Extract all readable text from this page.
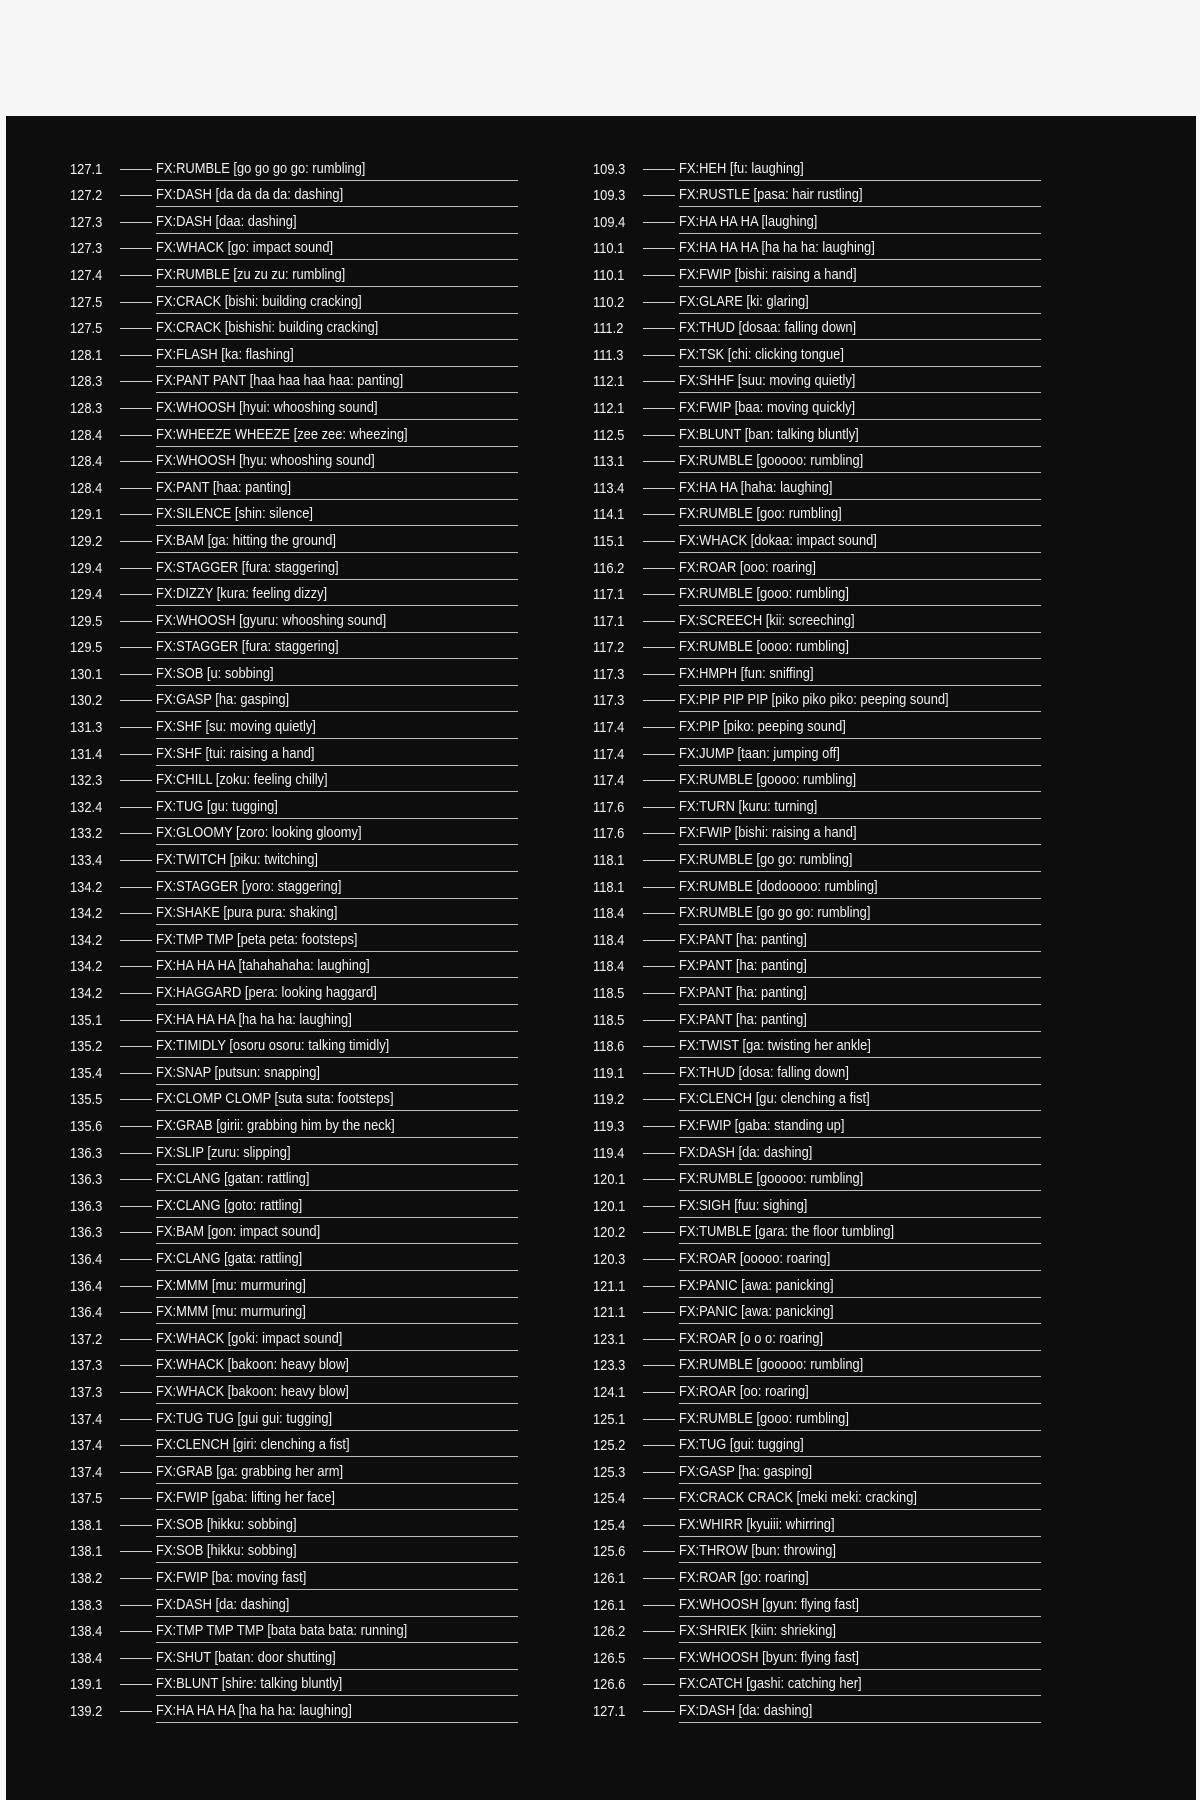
127.1	FX:RUMBLE [go go go go: rumbling]
127.2	FX:DASH [da da da da: dashing]
127.3	FX:DASH [daa: dashing]
127.3	FX:WHACK [go: impact sound]
127.4	FX:RUMBLE [zu zu zu: rumbling]
127.5	FX:CRACK [bishi: building cracking]
127.5	FX:CRACK [bishishi: building cracking]
128.1	FX:FLASH [ka: flashing]
128.3	FX:PANT PANT [haa haa haa haa: panting]
128.3	FX:WHOOSH [hyui: whooshing sound]
128.4	FX:WHEEZE WHEEZE [zee zee: wheezing]
128.4	FX:WHOOSH [hyu: whooshing sound]
128.4	FX:PANT [haa: panting]
129.1	FX:SILENCE [shin: silence]
129.2	FX:BAM [ga: hitting the ground]
129.4	FX:STAGGER [fura: staggering]
129.4	FX:DIZZY [kura: feeling dizzy]
129.5	FX:WHOOSH [gyuru: whooshing sound]
129.5	FX:STAGGER [fura: staggering]
130.1	FX:SOB [u: sobbing]
130.2	FX:GASP [ha: gasping]
131.3	FX:SHF [su: moving quietly]
131.4	FX:SHF [tui: raising a hand]
132.3	FX:CHILL [zoku: feeling chilly]
132.4	FX:TUG [gu: tugging]
133.2	FX:GLOOMY [zoro: looking gloomy]
133.4	FX:TWITCH [piku: twitching]
134.2	FX:STAGGER [yoro: staggering]
134.2	FX:SHAKE [pura pura: shaking]
134.2	FX:TMP TMP [peta peta: footsteps]
134.2	FX:HA HA HA [tahahahaha: laughing]
134.2	FX:HAGGARD [pera: looking haggard]
135.1	FX:HA HA HA [ha ha ha: laughing]
135.2	FX:TIMIDLY [osoru osoru: talking timidly]
135.4	FX:SNAP [putsun: snapping]
135.5	FX:CLOMP CLOMP [suta suta: footsteps]
135.6	FX:GRAB [girii: grabbing him by the neck]
136.3	FX:SLIP [zuru: slipping]
136.3	FX:CLANG [gatan: rattling]
136.3	FX:CLANG [goto: rattling]
136.3	FX:BAM [gon: impact sound]
136.4	FX:CLANG [gata: rattling]
136.4	FX:MMM [mu: murmuring]
136.4	FX:MMM [mu: murmuring]
137.2	FX:WHACK [goki: impact sound]
137.3	FX:WHACK [bakoon: heavy blow]
137.3	FX:WHACK [bakoon: heavy blow]
137.4	FX:TUG TUG [gui gui: tugging]
137.4	FX:CLENCH [giri: clenching a fist]
137.4	FX:GRAB [ga: grabbing her arm]
137.5	FX:FWIP [gaba: lifting her face]
138.1	FX:SOB [hikku: sobbing]
138.1	FX:SOB [hikku: sobbing]
138.2	FX:FWIP [ba: moving fast]
138.3	FX:DASH [da: dashing]
138.4	FX:TMP TMP TMP [bata bata bata: running]
138.4	FX:SHUT [batan: door shutting]
139.1	FX:BLUNT [shire: talking bluntly]
139.2	FX:HA HA HA [ha ha ha: laughing]
109.3	FX:HEH [fu: laughing]
109.3	FX:RUSTLE [pasa: hair rustling]
109.4	FX:HA HA HA [laughing]
110.1	FX:HA HA HA [ha ha ha: laughing]
110.1	FX:FWIP [bishi: raising a hand]
110.2	FX:GLARE [ki: glaring]
111.2	FX:THUD [dosaa: falling down]
111.3	FX:TSK [chi: clicking tongue]
112.1	FX:SHHF [suu: moving quietly]
112.1	FX:FWIP [baa: moving quickly]
112.5	FX:BLUNT [ban: talking bluntly]
113.1	FX:RUMBLE [gooooo: rumbling]
113.4	FX:HA HA [haha: laughing]
114.1	FX:RUMBLE [goo: rumbling]
115.1	FX:WHACK [dokaa: impact sound]
116.2	FX:ROAR [ooo: roaring]
117.1	FX:RUMBLE [gooo: rumbling]
117.1	FX:SCREECH [kii: screeching]
117.2	FX:RUMBLE [oooo: rumbling]
117.3	FX:HMPH [fun: sniffing]
117.3	FX:PIP PIP PIP [piko piko piko: peeping sound]
117.4	FX:PIP [piko: peeping sound]
117.4	FX:JUMP [taan: jumping off]
117.4	FX:RUMBLE [goooo: rumbling]
117.6	FX:TURN [kuru: turning]
117.6	FX:FWIP [bishi: raising a hand]
118.1	FX:RUMBLE [go go: rumbling]
118.1	FX:RUMBLE [dodooooo: rumbling]
118.4	FX:RUMBLE [go go go: rumbling]
118.4	FX:PANT [ha: panting]
118.4	FX:PANT [ha: panting]
118.5	FX:PANT [ha: panting]
118.5	FX:PANT [ha: panting]
118.6	FX:TWIST [ga: twisting her ankle]
119.1	FX:THUD [dosa: falling down]
119.2	FX:CLENCH [gu: clenching a fist]
119.3	FX:FWIP [gaba: standing up]
119.4	FX:DASH [da: dashing]
120.1	FX:RUMBLE [gooooo: rumbling]
120.1	FX:SIGH [fuu: sighing]
120.2	FX:TUMBLE [gara: the floor tumbling]
120.3	FX:ROAR [ooooo: roaring]
121.1	FX:PANIC [awa: panicking]
121.1	FX:PANIC [awa: panicking]
123.1	FX:ROAR [o o o: roaring]
123.3	FX:RUMBLE [gooooo: rumbling]
124.1	FX:ROAR [oo: roaring]
125.1	FX:RUMBLE [gooo: rumbling]
125.2	FX:TUG [gui: tugging]
125.3	FX:GASP [ha: gasping]
125.4	FX:CRACK CRACK [meki meki: cracking]
125.4	FX:WHIRR [kyuiii: whirring]
125.6	FX:THROW [bun: throwing]
126.1	FX:ROAR [go: roaring]
126.1	FX:WHOOSH [gyun: flying fast]
126.2	FX:SHRIEK [kiin: shrieking]
126.5	FX:WHOOSH [byun: flying fast]
126.6	FX:CATCH [gashi: catching her]
127.1	FX:DASH [da: dashing]
